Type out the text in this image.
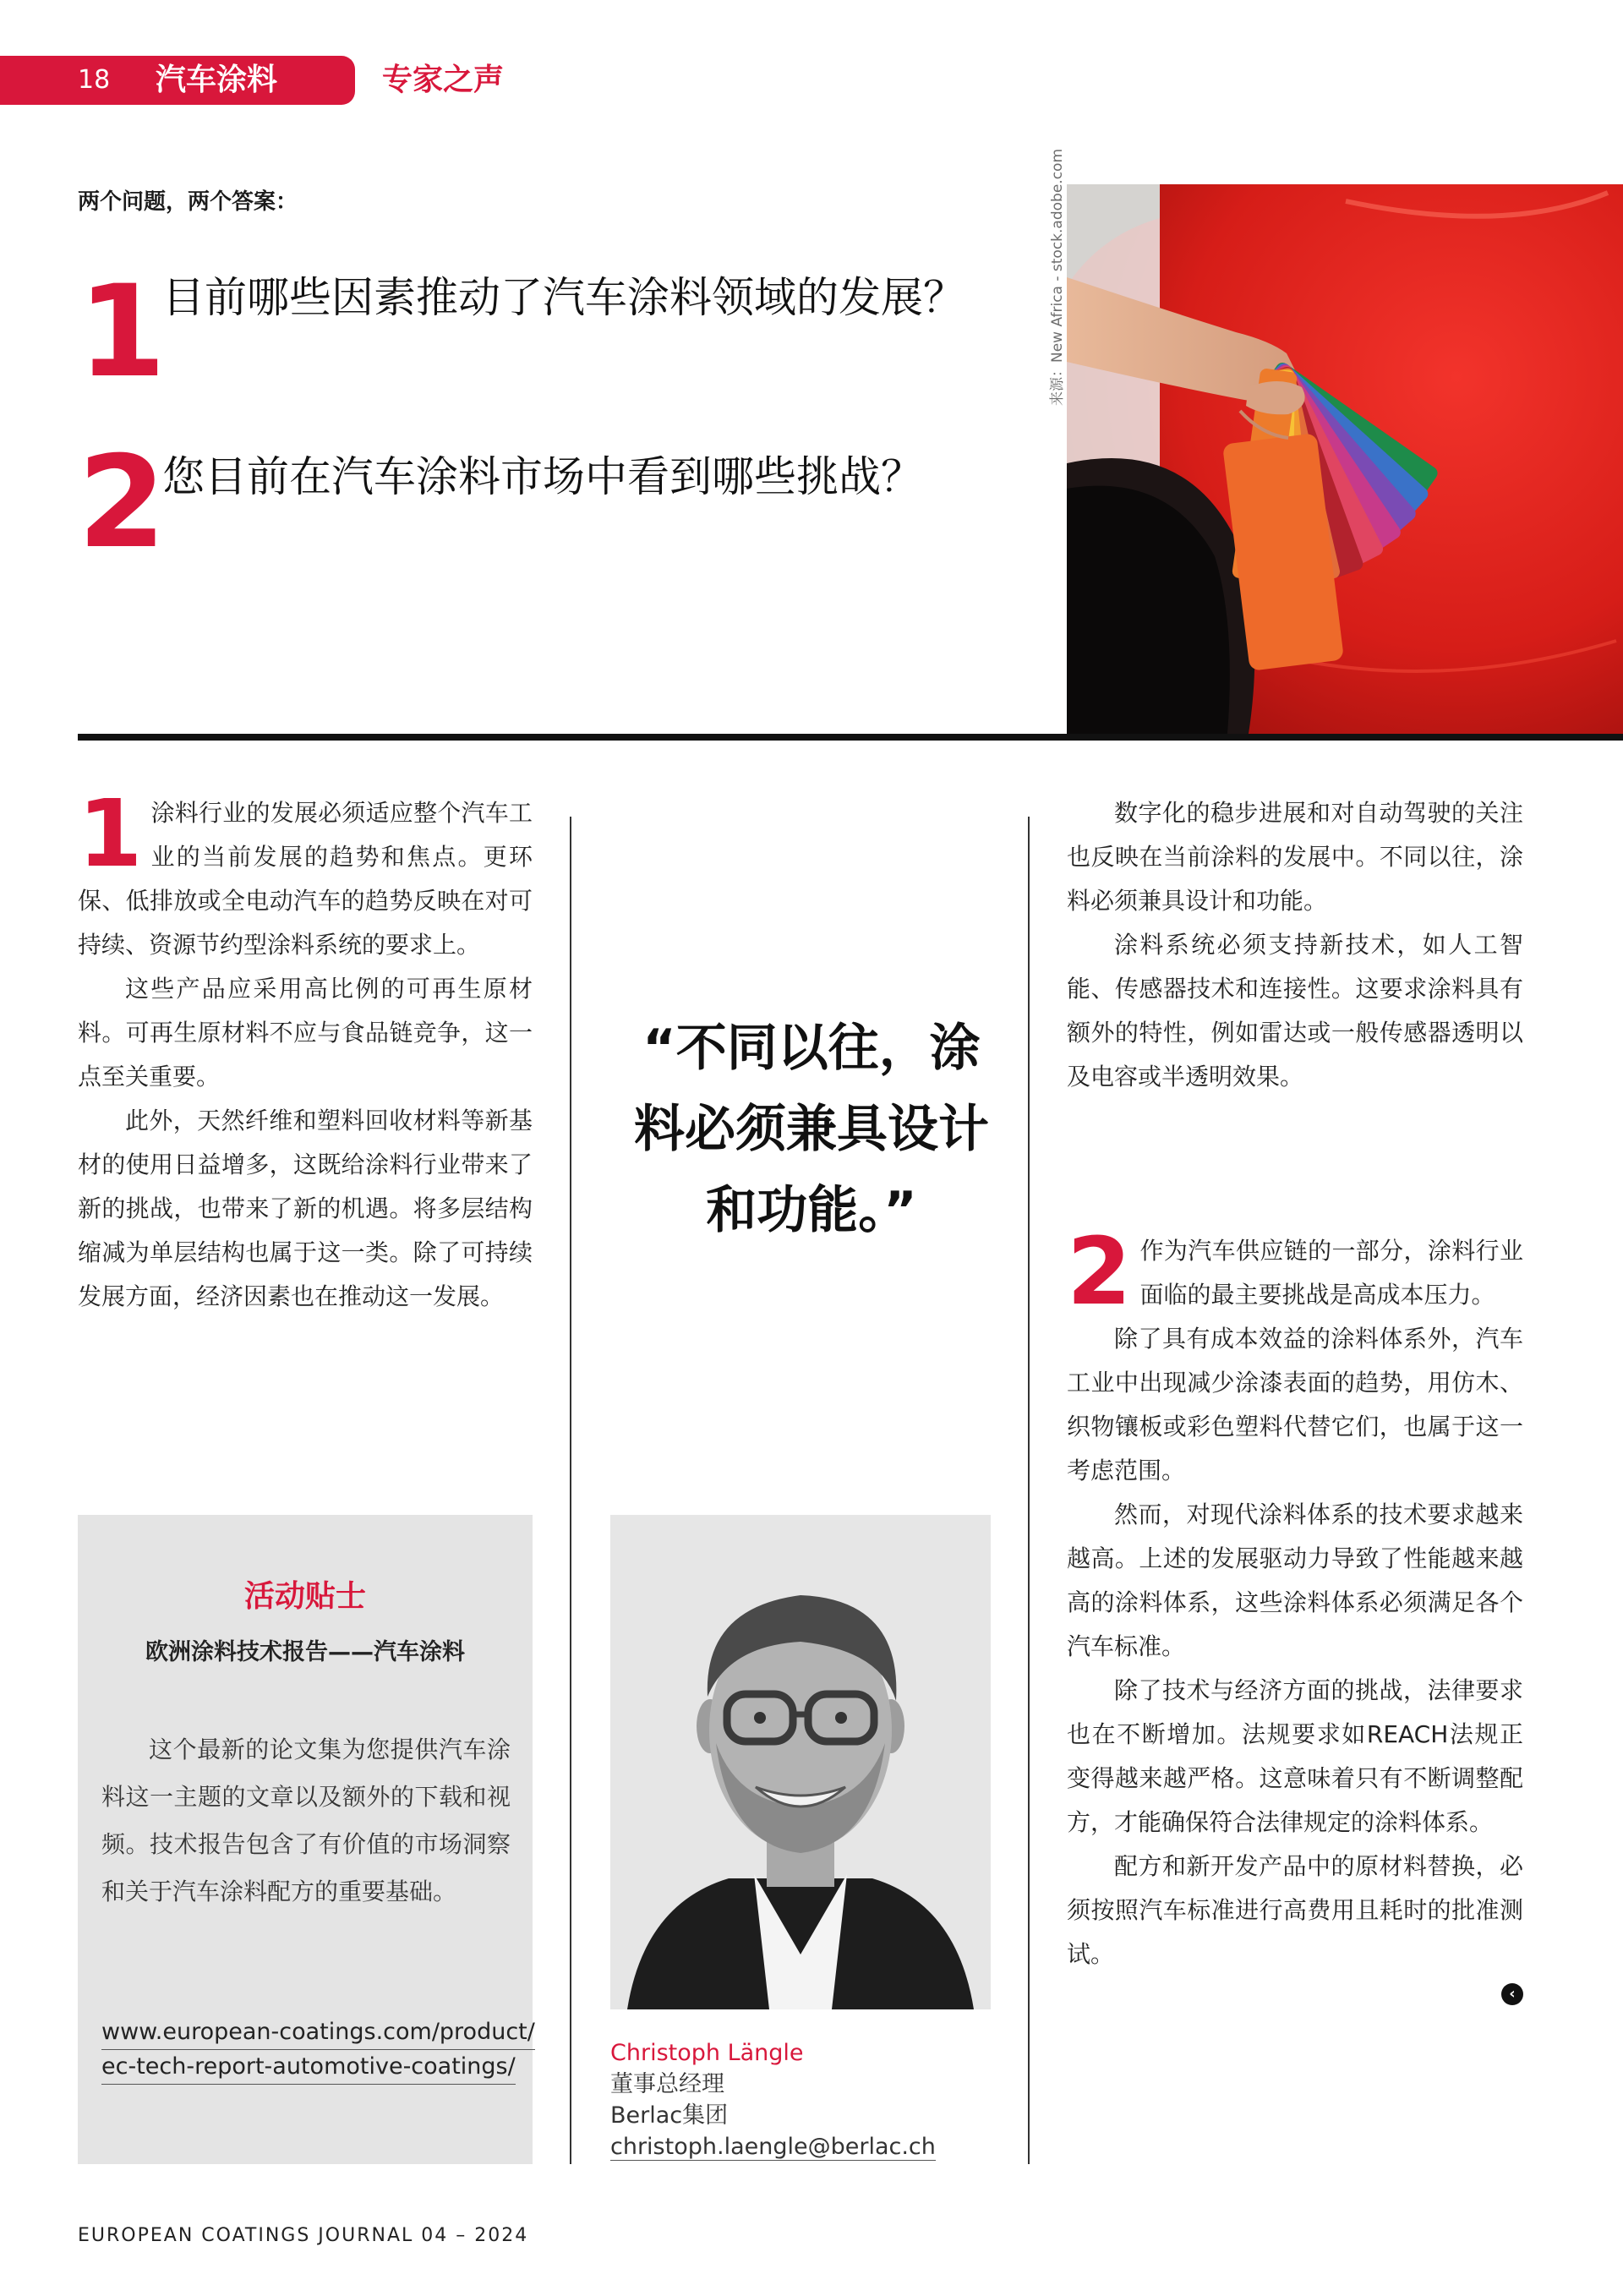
18 汽车涂料	专家之声
两个问题，两个答案：
1
目前哪些因素推动了汽车涂料领域的发展？
2
您目前在汽车涂料市场中看到哪些挑战？
来源：New Africa - stock.adobe.com

1 涂料行业的发展必须适应整个汽车工业的当前发展的趋势和焦点。更环保、低排放或全电动汽车的趋势反映在对可持续、资源节约型涂料系统的要求上。

这些产品应采用高比例的可再生原材料。可再生原材料不应与食品链竞争，这一点至关重要。

此外，天然纤维和塑料回收材料等新基材的使用日益增多，这既给涂料行业带来了新的挑战，也带来了新的机遇。将多层结构缩减为单层结构也属于这一类。除了可持续发展方面，经济因素也在推动这一发展。

“不同以往，涂料必须兼具设计和功能。”
活动贴士
欧洲涂料技术报告——汽车涂料
这个最新的论文集为您提供汽车涂料这一主题的文章以及额外的下载和视频。技术报告包含了有价值的市场洞察和关于汽车涂料配方的重要基础。
www.european-coatings.com/product/
ec-tech-report-automotive-coatings/
Christoph Längle
董事总经理
Berlac集团
christoph.laengle@berlac.ch

数字化的稳步进展和对自动驾驶的关注也反映在当前涂料的发展中。不同以往，涂料必须兼具设计和功能。

涂料系统必须支持新技术，如人工智能、传感器技术和连接性。这要求涂料具有额外的特性，例如雷达或一般传感器透明以及电容或半透明效果。

2 作为汽车供应链的一部分，涂料行业面临的最主要挑战是高成本压力。

除了具有成本效益的涂料体系外，汽车工业中出现减少涂漆表面的趋势，用仿木、织物镶板或彩色塑料代替它们，也属于这一考虑范围。

然而，对现代涂料体系的技术要求越来越高。上述的发展驱动力导致了性能越来越高的涂料体系，这些涂料体系必须满足各个汽车标准。

除了技术与经济方面的挑战，法律要求也在不断增加。法规要求如REACH法规正变得越来越严格。这意味着只有不断调整配方，才能确保符合法律规定的涂料体系。

配方和新开发产品中的原材料替换，必须按照汽车标准进行高费用且耗时的批准测试。

‹
EUROPEAN COATINGS JOURNAL 04 – 2024
